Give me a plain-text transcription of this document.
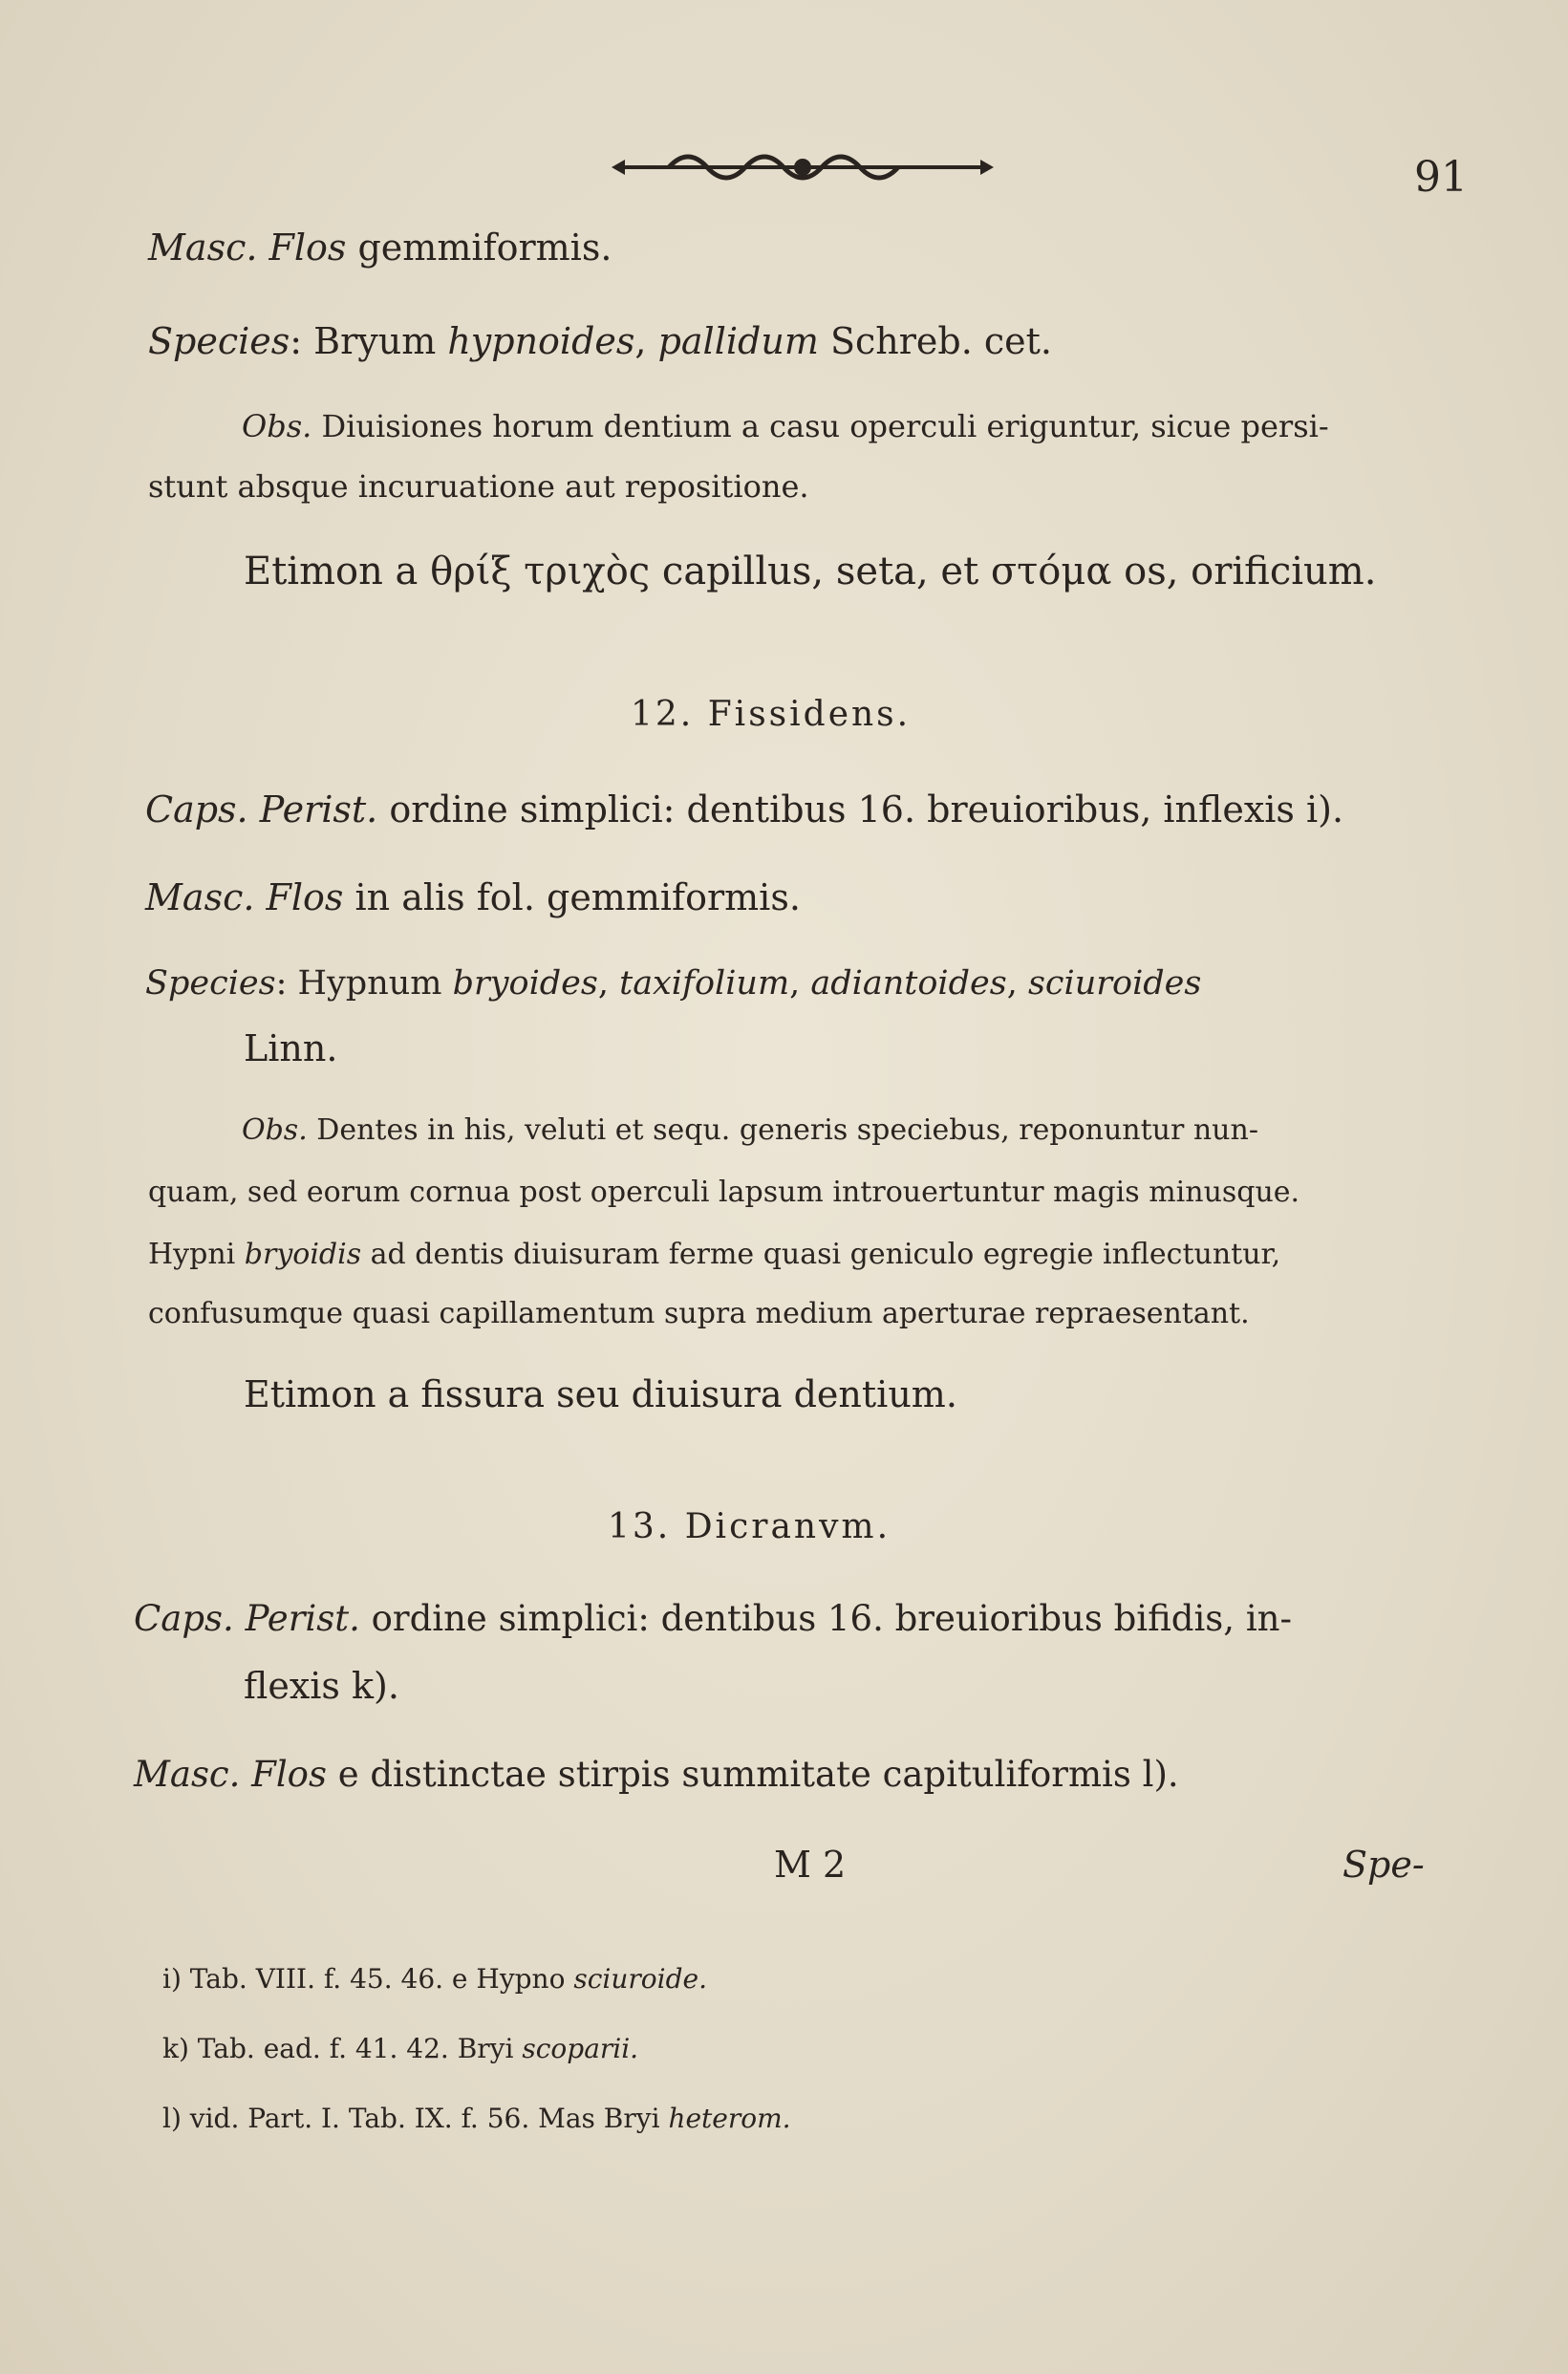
91
Masc. Flos gemmiformis.
Species: Bryum hypnoides, pallidum Schreb. cet.
Obs. Diuisiones horum dentium a casu operculi eriguntur, sicue persi-
stunt absque incuruatione aut repositione.
Etimon a θρίξ τριχὸς capillus, seta, et στόμα os, orificium.
12. Fissidens.
Caps. Perist. ordine simplici: dentibus 16. breuioribus, inflexis i).
Masc. Flos in alis fol. gemmiformis.
Species: Hypnum bryoides, taxifolium, adiantoides, sciuroides
Linn.
Obs. Dentes in his, veluti et sequ. generis speciebus, reponuntur nun-
quam, sed eorum cornua post operculi lapsum introuertuntur magis minusque.
Hypni bryoidis ad dentis diuisuram ferme quasi geniculo egregie inflectuntur,
confusumque quasi capillamentum supra medium aperturae repraesentant.
Etimon a fissura seu diuisura dentium.
13. Dicranvm.
Caps. Perist. ordine simplici: dentibus 16. breuioribus bifidis, in-
flexis k).
Masc. Flos e distinctae stirpis summitate capituliformis l).
M 2	Spe-
i) Tab. VIII. f. 45. 46. e Hypno sciuroide.
k) Tab. ead. f. 41. 42. Bryi scoparii.
l) vid. Part. I. Tab. IX. f. 56. Mas Bryi heterom.
